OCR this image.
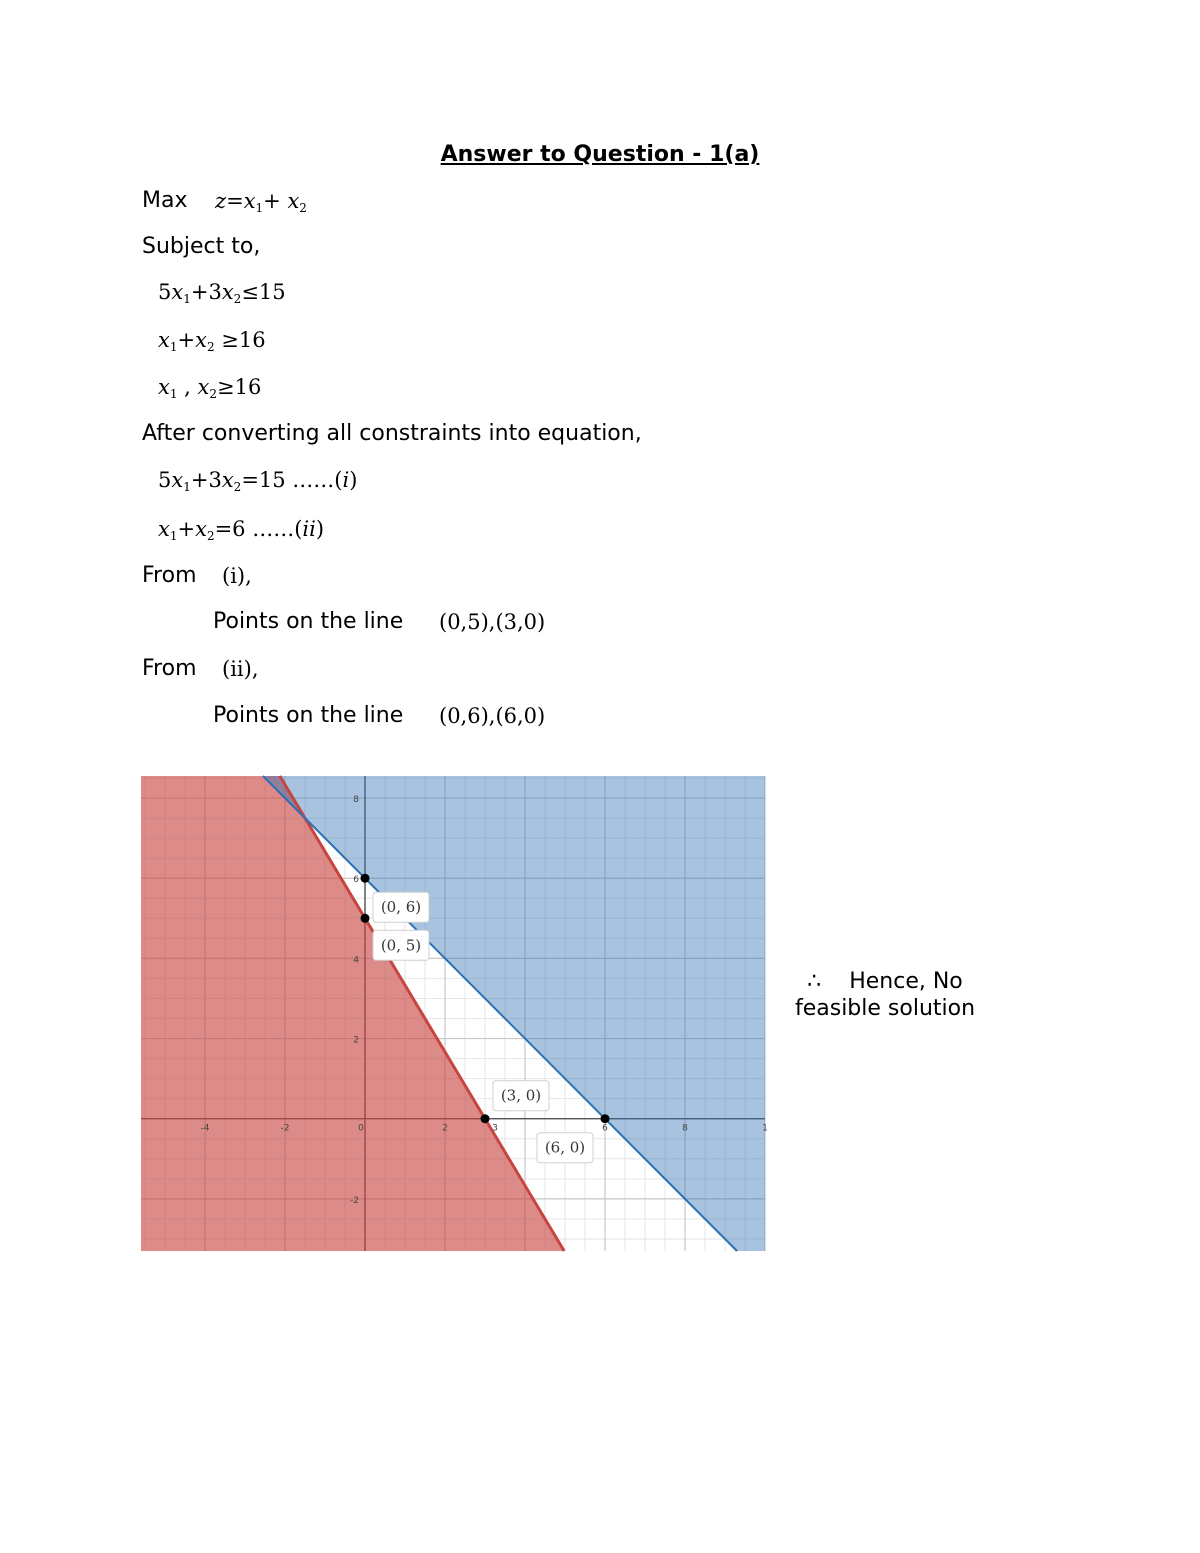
Answer to Question - 1(a)
Max $z=x_1+ x_2$
Subject to,
$5x_1+3x_2\le 15$
$x_1+x_2 \ge 16$
$x_1$ , $x_2\ge 16$
After converting all constraints into equation,
$5x_1+3x_2=15$ ……(i)
$x_1+x_2=6$ ……(ii)
From (i),
Points on the line (0,5),(3,0)
From (ii),
Points on the line (0,6),(6,0)
-4	-2	0	2	6	8	1
3
8
6
4
2
-2
(0, 6)
(0, 5)
(3, 0)
(6, 0)
∴ Hence, No
feasible solution
